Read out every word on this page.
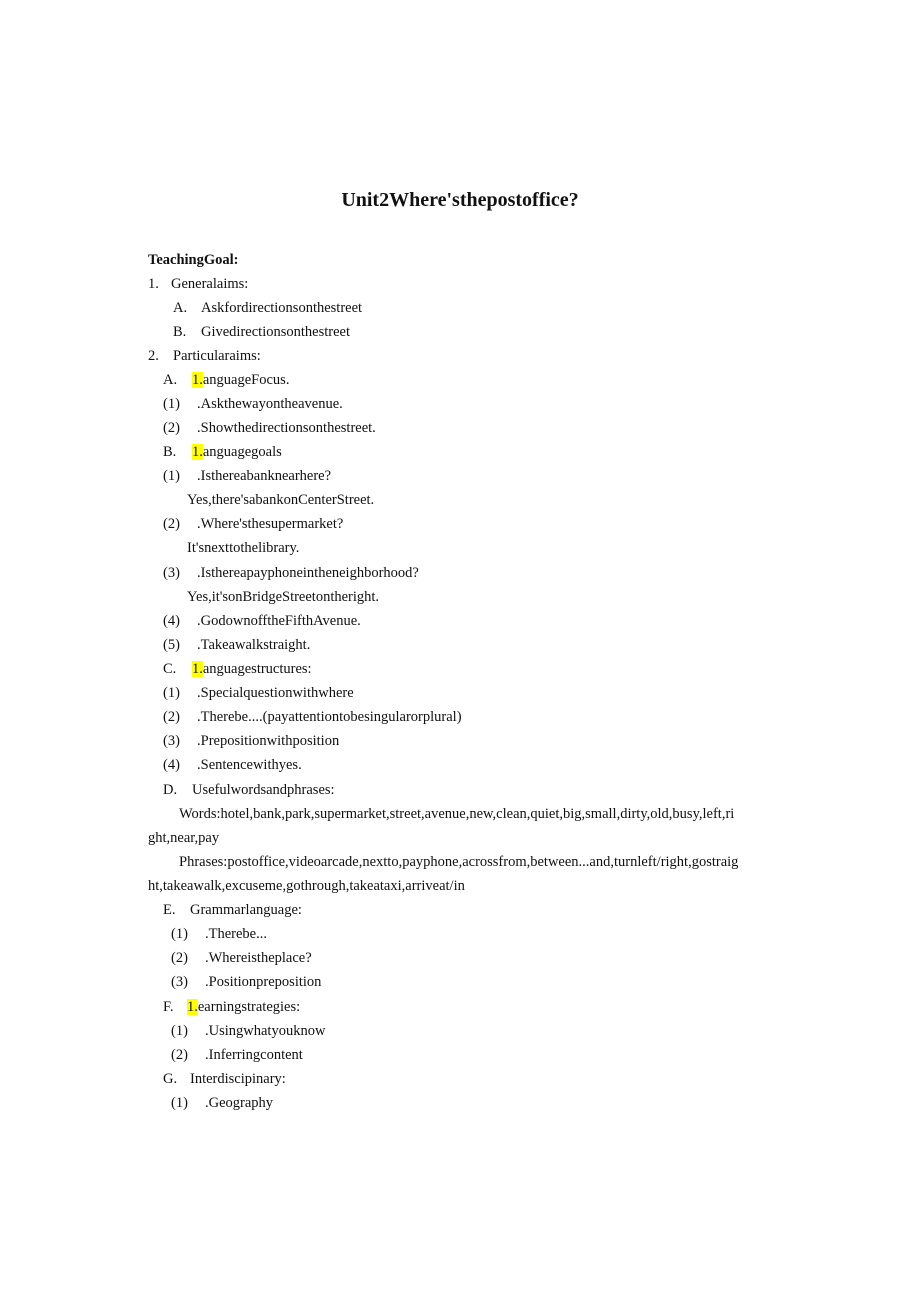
Unit2Where'sthepostoffice?
TeachingGoal:
1. Generalaims:
A. Askfordirectionsonthestreet
B. Givedirectionsonthestreet
2. Particularaims:
A. 1.anguageFocus.
(1) .Askthewayontheavenue.
(2) .Showthedirectionsonthestreet.
B. 1.anguagegoals
(1) .Isthereabanknearhere?
Yes,there'sabankonCenterStreet.
(2) .Where'sthesupermarket?
It'snexttothelibrary.
(3) .Isthereapayphoneintheneighborhood?
Yes,it'sonBridgeStreetontheright.
(4) .GodownofftheFifthAvenue.
(5) .Takeawalkstraight.
C. 1.anguagestructures:
(1) .Specialquestionwithwhere
(2) .Therebe....(payattentiontobesingularorplural)
(3) .Prepositionwithposition
(4) .Sentencewithyes.
D. Usefulwordsandphrases:
Words:hotel,bank,park,supermarket,street,avenue,new,clean,quiet,big,small,dirty,old,busy,left,ri
ght,near,pay
Phrases:postoffice,videoarcade,nextto,payphone,acrossfrom,between...and,turnleft/right,gostraig
ht,takeawalk,excuseme,gothrough,takeataxi,arriveat/in
E. Grammarlanguage:
(1) .Therebe...
(2) .Whereistheplace?
(3) .Positionpreposition
F. 1.earningstrategies:
(1) .Usingwhatyouknow
(2) .Inferringcontent
G. Interdiscipinary:
(1) .Geography
